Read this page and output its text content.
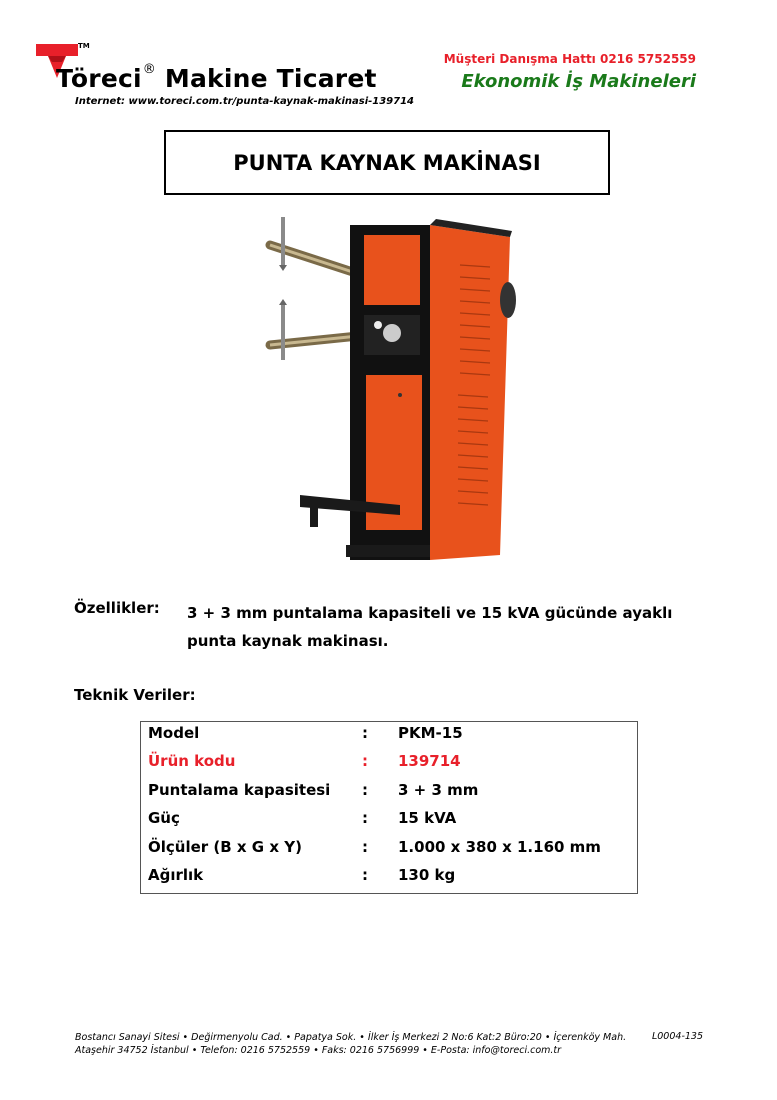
TM
Töreci® Makine Ticaret
Internet: www.toreci.com.tr/punta-kaynak-makinasi-139714
Müşteri Danışma Hattı 0216 5752559
Ekonomik İş Makineleri
PUNTA KAYNAK MAKİNASI
Özellikler: 3 + 3 mm puntalama kapasiteli ve 15 kVA gücünde ayaklı
punta kaynak makinası.
Teknik Veriler:
Model	: PKM-15
Ürün kodu	: 139714
Puntalama kapasitesi : 3 + 3 mm
Güç	: 15 kVA
Ölçüler (B x G x Y)	: 1.000 x 380 x 1.160 mm
Ağırlık	: 130 kg
Bostancı Sanayi Sitesi • Değirmenyolu Cad. • Papatya Sok. • İlker İş Merkezi 2 No:6 Kat:2 Büro:20 • İçerenköy Mah.
Ataşehir 34752 İstanbul • Telefon: 0216 5752559 • Faks: 0216 5756999 • E-Posta: info@toreci.com.tr
L0004-135
